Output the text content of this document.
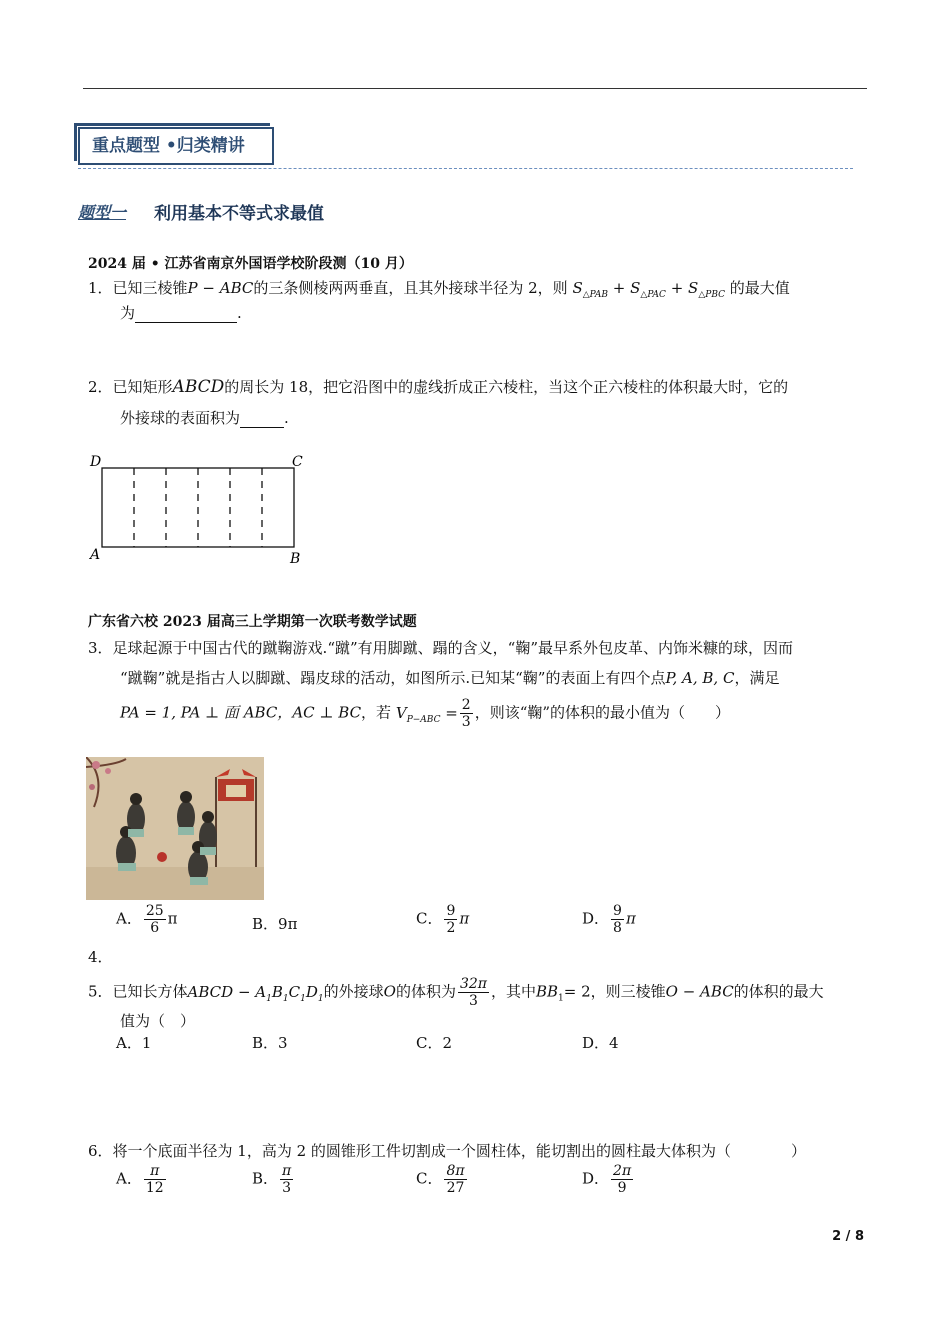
重点题型 •归类精讲
题型一 利用基本不等式求最值
2024 届 • 江苏省南京外国语学校阶段测（10 月）
1．已知三棱锥P − ABC的三条侧棱两两垂直，且其外接球半径为 2，则 $S_{\triangle PAB} + S_{\triangle PAC} + S_{\triangle PBC}$ 的最大值
为	.
2．已知矩形ABCD的周长为 18，把它沿图中的虚线折成正六棱柱，当这个正六棱柱的体积最大时，它的
外接球的表面积为	.
D	C
A	B
广东省六校 2023 届高三上学期第一次联考数学试题
3．足球起源于中国古代的蹴鞠游戏.“蹴”有用脚蹴、蹋的含义，“鞠”最早系外包皮革、内饰米糠的球，因而
“蹴鞠”就是指古人以脚蹴、蹋皮球的活动，如图所示.已知某“鞠”的表面上有四个点P, A, B, C，满足
PA = 1, PA ⊥ 面 ABC，AC ⊥ BC，若 $V_{P-ABC} = \frac{2}{3}$ ，则该“鞠”的体积的最小值为（　　）
A． $\frac{25}{6}$ π	B．9π	C． $\frac{9}{2}$ π	D． $\frac{9}{8}$ π
4．
5．已知长方体ABCD − $A_1B_1C_1D_1$的外接球O的体积为 $\frac{32\pi}{3}$ ，其中$BB_1= 2$，则三棱锥O − ABC的体积的最大
值为（　）
A．1	B．3	C．2	D．4
6．将一个底面半径为 1，高为 2 的圆锥形工件切割成一个圆柱体，能切割出的圆柱最大体积为（　　　　）
A． $\frac{\pi}{12}$	B． $\frac{\pi}{3}$	C． $\frac{8\pi}{27}$	D． $\frac{2\pi}{9}$
2 / 8
